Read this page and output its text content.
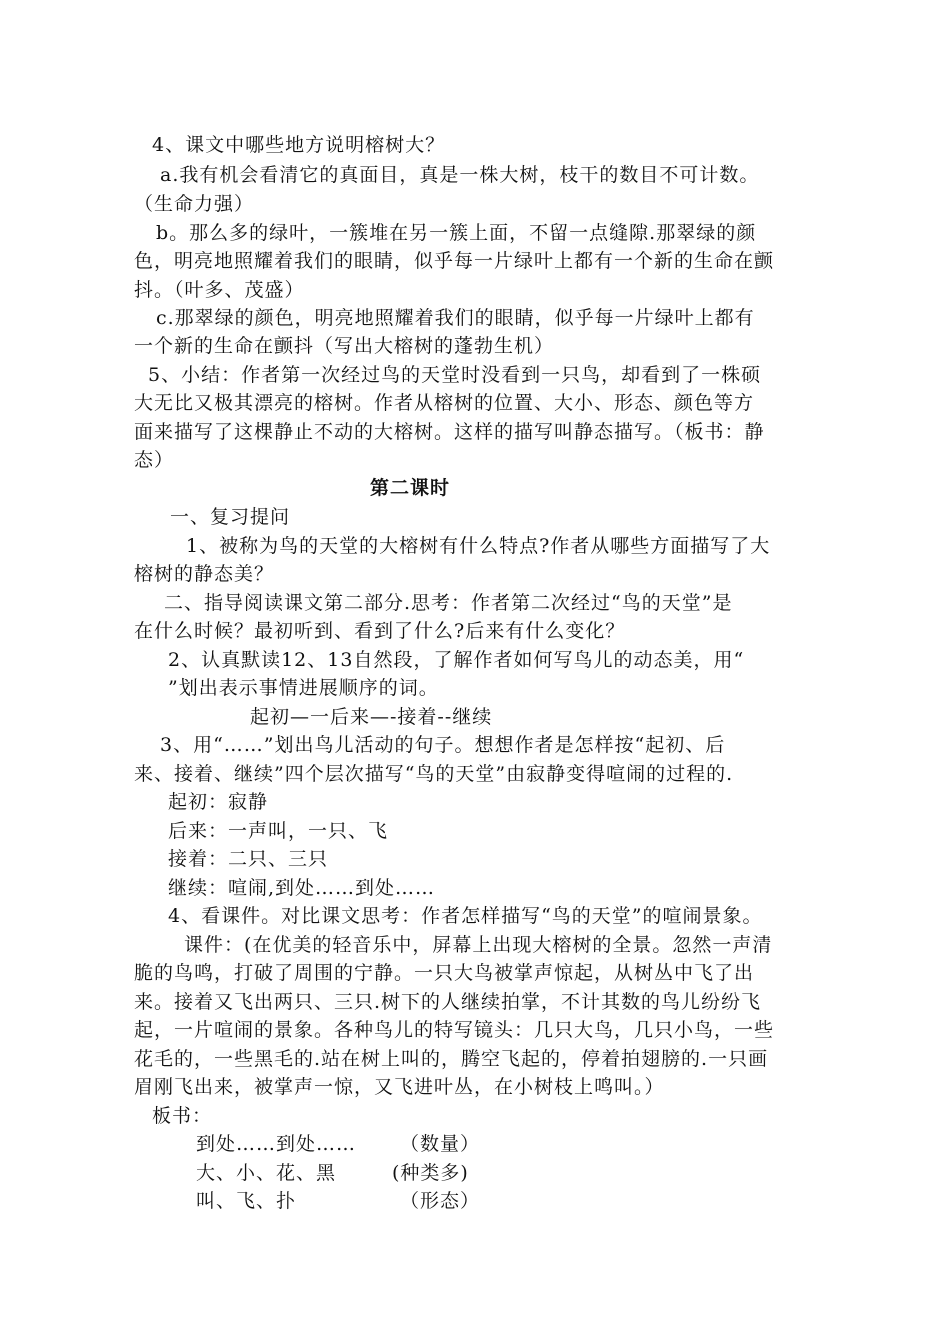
4、课文中哪些地方说明榕树大？
a.我有机会看清它的真面目，真是一株大树，枝干的数目不可计数。
（生命力强）
b。那么多的绿叶，一簇堆在另一簇上面，不留一点缝隙.那翠绿的颜
色，明亮地照耀着我们的眼睛，似乎每一片绿叶上都有一个新的生命在颤
抖。（叶多、茂盛）
c.那翠绿的颜色，明亮地照耀着我们的眼睛，似乎每一片绿叶上都有
一个新的生命在颤抖（写出大榕树的蓬勃生机）
5、小结：作者第一次经过鸟的天堂时没看到一只鸟，却看到了一株硕
大无比又极其漂亮的榕树。作者从榕树的位置、大小、形态、颜色等方
面来描写了这棵静止不动的大榕树。这样的描写叫静态描写。（板书：静
态）
第二课时
一、复习提问
1、被称为鸟的天堂的大榕树有什么特点?作者从哪些方面描写了大
榕树的静态美？
二、指导阅读课文第二部分.思考：作者第二次经过“鸟的天堂”是
在什么时候？最初听到、看到了什么?后来有什么变化？
2、认真默读12、13自然段，了解作者如何写鸟儿的动态美，用“
”划出表示事情进展顺序的词。
起初—一后来—-接着--继续
3、用“……”划出鸟儿活动的句子。想想作者是怎样按“起初、后
来、接着、继续”四个层次描写“鸟的天堂”由寂静变得喧闹的过程的.
起初：寂静
后来：一声叫，一只、飞
接着：二只、三只
继续：喧闹,到处……到处……
4、看课件。对比课文思考：作者怎样描写“鸟的天堂”的喧闹景象。
课件：(在优美的轻音乐中，屏幕上出现大榕树的全景。忽然一声清
脆的鸟鸣，打破了周围的宁静。一只大鸟被掌声惊起，从树丛中飞了出
来。接着又飞出两只、三只.树下的人继续拍掌，不计其数的鸟儿纷纷飞
起，一片喧闹的景象。各种鸟儿的特写镜头：几只大鸟，几只小鸟，一些
花毛的，一些黑毛的.站在树上叫的，腾空飞起的，停着拍翅膀的.一只画
眉刚飞出来，被掌声一惊，又飞进叶丛，在小树枝上鸣叫。）
板书：
到处……到处…… （数量）
大、小、花、黑	(种类多)
叫、飞、扑	（形态）
